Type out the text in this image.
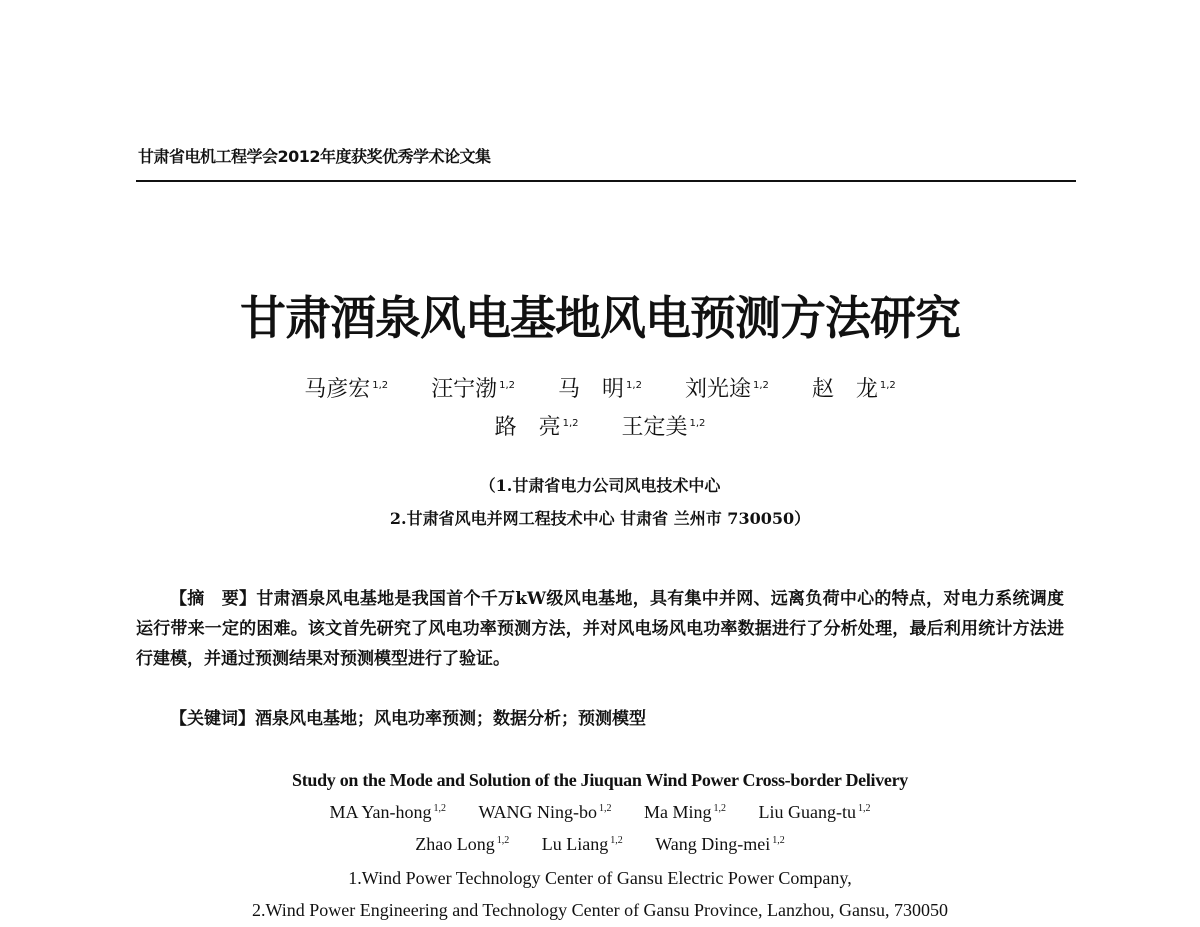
甘肃省电机工程学会2012年度获奖优秀学术论文集
甘肃酒泉风电基地风电预测方法研究
马彦宏 $^{1,2}$ 汪宁渤 $^{1,2}$ 马　明 $^{1,2}$ 刘光途 $^{1,2}$ 赵　龙 $^{1,2}$
路　亮 $^{1,2}$ 王定美 $^{1,2}$
（1.甘肃省电力公司风电技术中心
2.甘肃省风电并网工程技术中心 甘肃省 兰州市 730050）
【摘　要】甘肃酒泉风电基地是我国首个千万kW级风电基地，具有集中并网、远离负荷中心的特点，对电力系统调度运行带来一定的困难。该文首先研究了风电功率预测方法，并对风电场风电功率数据进行了分析处理，最后利用统计方法进行建模，并通过预测结果对预测模型进行了验证。
【关键词】酒泉风电基地；风电功率预测；数据分析；预测模型
Study on the Mode and Solution of the Jiuquan Wind Power Cross-border Delivery
MA Yan-hong $^{1,2}$ WANG Ning-bo $^{1,2}$ Ma Ming $^{1,2}$ Liu Guang-tu $^{1,2}$
Zhao Long $^{1,2}$ Lu Liang $^{1,2}$ Wang Ding-mei $^{1,2}$
1.Wind Power Technology Center of Gansu Electric Power Company,
2.Wind Power Engineering and Technology Center of Gansu Province, Lanzhou, Gansu, 730050
